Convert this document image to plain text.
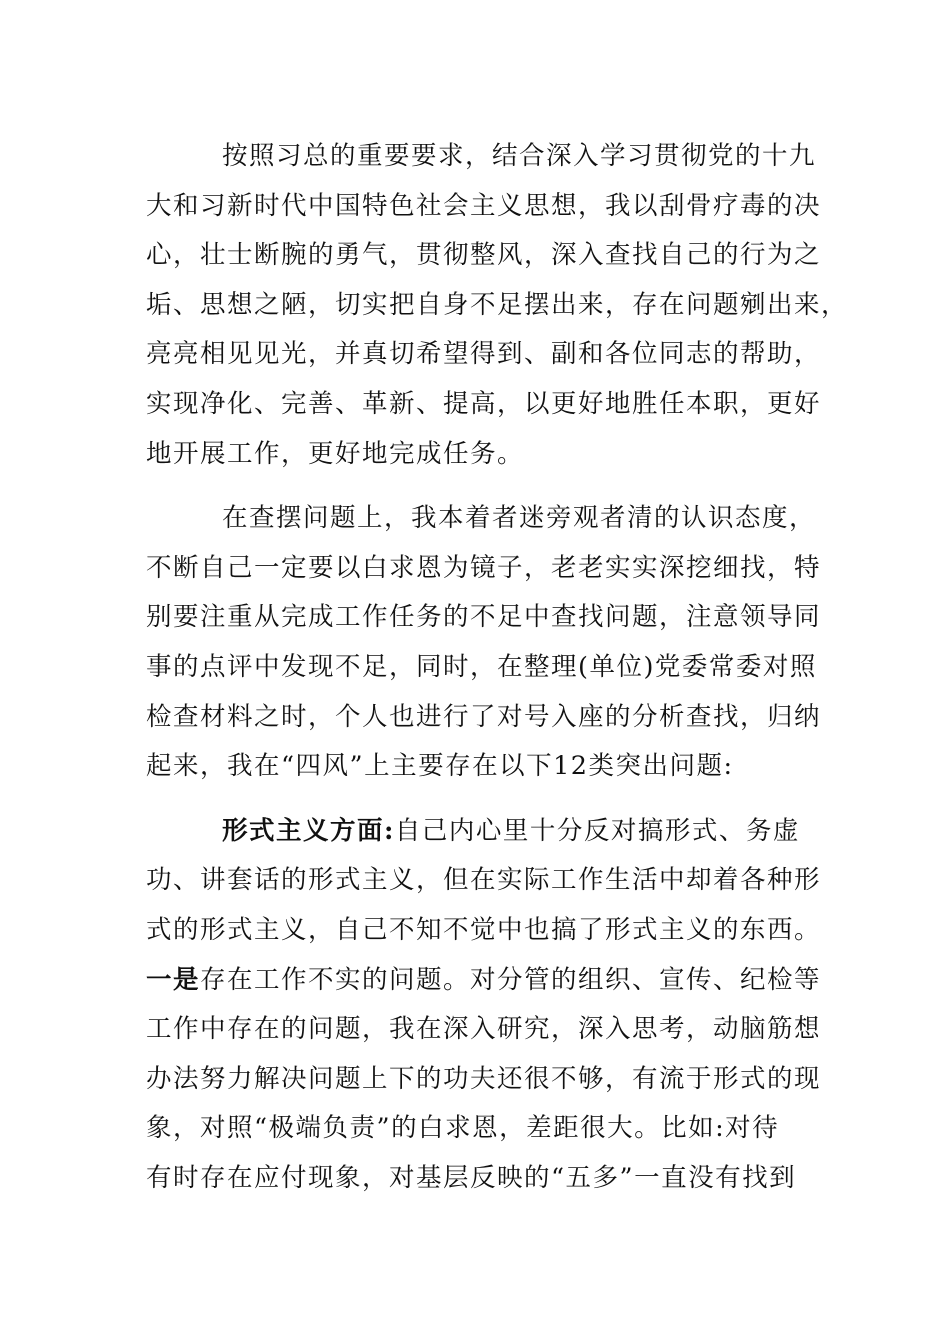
按照习总的重要要求，结合深入学习贯彻党的十九
大和习新时代中国特色社会主义思想，我以刮骨疗毒的决
心，壮士断腕的勇气，贯彻整风，深入查找自己的行为之
垢、思想之陋，切实把自身不足摆出来，存在问题剜出来，
亮亮相见见光，并真切希望得到、副和各位同志的帮助，
实现净化、完善、革新、提高，以更好地胜任本职，更好
地开展工作，更好地完成任务。
在查摆问题上，我本着者迷旁观者清的认识态度，
不断自己一定要以白求恩为镜子，老老实实深挖细找，特
别要注重从完成工作任务的不足中查找问题，注意领导同
事的点评中发现不足，同时，在整理(单位)党委常委对照
检查材料之时，个人也进行了对号入座的分析查找，归纳
起来，我在“四风”上主要存在以下12类突出问题:
形式主义方面:自己内心里十分反对搞形式、务虚
功、讲套话的形式主义，但在实际工作生活中却着各种形
式的形式主义，自己不知不觉中也搞了形式主义的东西。
一是存在工作不实的问题。对分管的组织、宣传、纪检等
工作中存在的问题，我在深入研究，深入思考，动脑筋想
办法努力解决问题上下的功夫还很不够，有流于形式的现
象，对照“极端负责”的白求恩，差距很大。比如:对待
有时存在应付现象，对基层反映的“五多”一直没有找到
